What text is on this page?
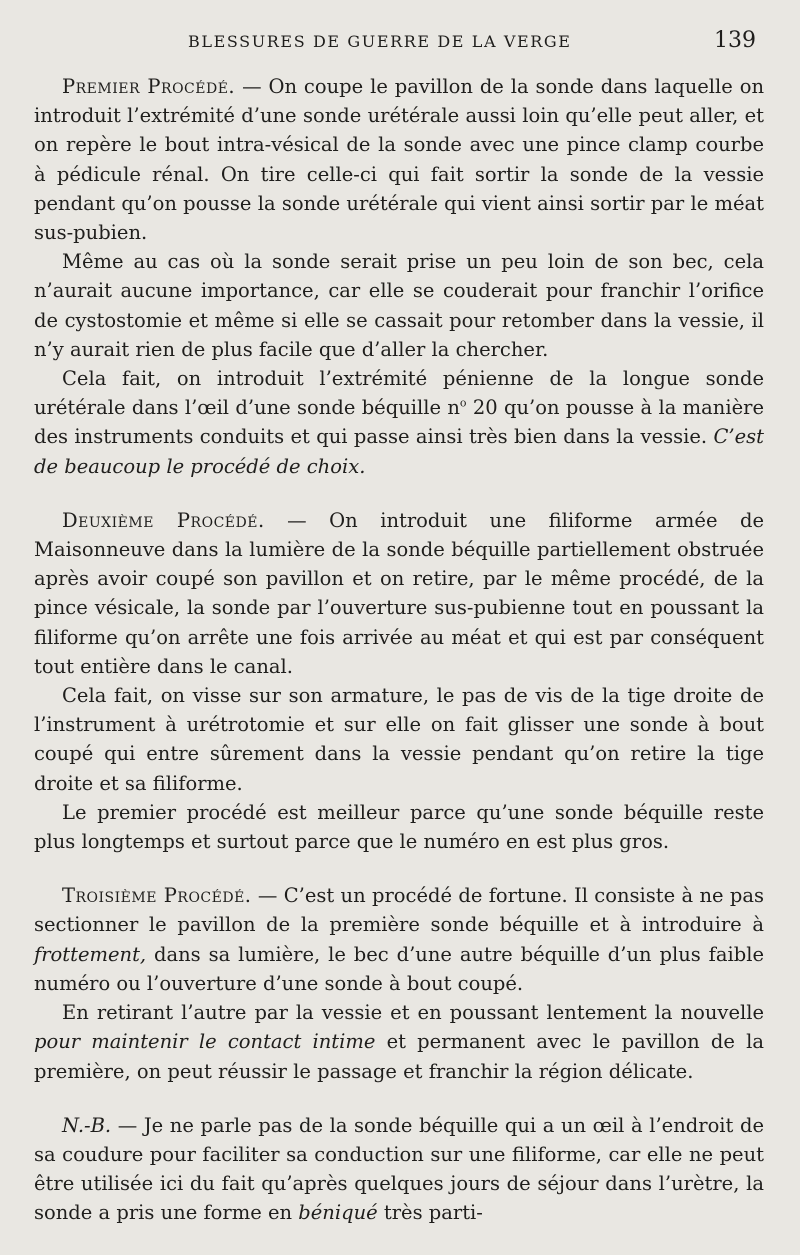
BLESSURES DE GUERRE DE LA VERGE	139

Premier Procédé. — On coupe le pavillon de la sonde dans laquelle on introduit l’extrémité d’une sonde urétérale aussi loin qu’elle peut aller, et on repère le bout intra-vésical de la sonde avec une pince clamp courbe à pédicule rénal. On tire celle-ci qui fait sortir la sonde de la vessie pendant qu’on pousse la sonde urétérale qui vient ainsi sortir par le méat sus-pubien.

Même au cas où la sonde serait prise un peu loin de son bec, cela n’aurait aucune importance, car elle se couderait pour franchir l’orifice de cystostomie et même si elle se cassait pour retomber dans la vessie, il n’y aurait rien de plus facile que d’aller la chercher.

Cela fait, on introduit l’extrémité pénienne de la longue sonde urétérale dans l’œil d’une sonde béquille $n^o$ 20 qu’on pousse à la manière des instruments conduits et qui passe ainsi très bien dans la vessie. C’est de beaucoup le procédé de choix.

Deuxième Procédé. — On introduit une filiforme armée de Maisonneuve dans la lumière de la sonde béquille partiellement obstruée après avoir coupé son pavillon et on retire, par le même procédé, de la pince vésicale, la sonde par l’ouverture sus-pubienne tout en poussant la filiforme qu’on arrête une fois arrivée au méat et qui est par conséquent tout entière dans le canal.

Cela fait, on visse sur son armature, le pas de vis de la tige droite de l’instrument à urétrotomie et sur elle on fait glisser une sonde à bout coupé qui entre sûrement dans la vessie pendant qu’on retire la tige droite et sa filiforme.

Le premier procédé est meilleur parce qu’une sonde béquille reste plus longtemps et surtout parce que le numéro en est plus gros.

Troisième Procédé. — C’est un procédé de fortune. Il consiste à ne pas sectionner le pavillon de la première sonde béquille et à introduire à frottement, dans sa lumière, le bec d’une autre béquille d’un plus faible numéro ou l’ouverture d’une sonde à bout coupé.

En retirant l’autre par la vessie et en poussant lentement la nouvelle pour maintenir le contact intime et permanent avec le pavillon de la première, on peut réussir le passage et franchir la région délicate.

N.-B. — Je ne parle pas de la sonde béquille qui a un œil à l’endroit de sa coudure pour faciliter sa conduction sur une filiforme, car elle ne peut être utilisée ici du fait qu’après quelques jours de séjour dans l’urètre, la sonde a pris une forme en béniqué très parti-
